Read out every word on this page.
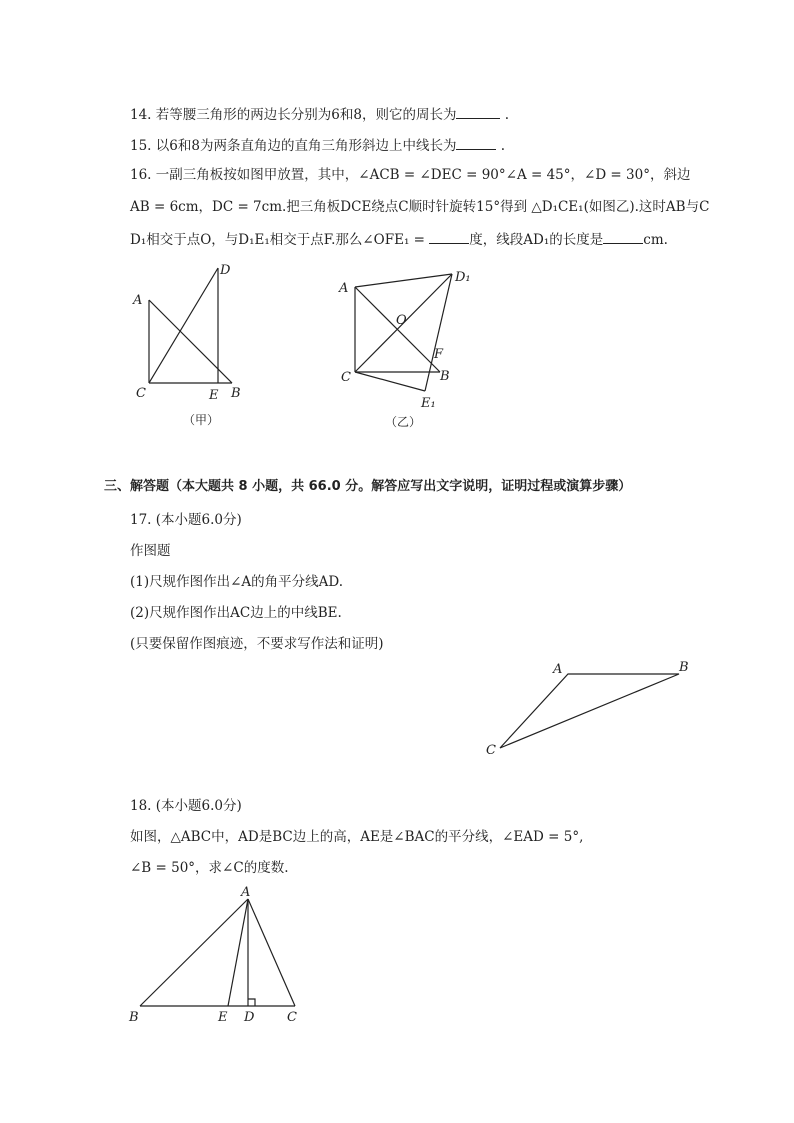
14. 若等腰三角形的两边长分别为6和8，则它的周长为	.
15. 以6和8为两条直角边的直角三角形斜边上中线长为	.
16. 一副三角板按如图甲放置，其中，∠ACB = ∠DEC = 90°∠A = 45°，∠D = 30°，斜边
AB = 6cm，DC = 7cm.把三角板DCE绕点C顺时针旋转15°得到 △D₁CE₁(如图乙).这时AB与C
D₁相交于点O，与D₁E₁相交于点F.那么∠OFE₁ =	度，线段AD₁的长度是	cm.
A
C
D
E B
（甲）
A
D₁
O
F
C	B
E₁
（乙）
三、解答题（本大题共 8 小题，共 66.0 分。解答应写出文字说明，证明过程或演算步骤）
17. (本小题6.0分)
作图题
(1)尺规作图作出∠A的角平分线AD.
(2)尺规作图作出AC边上的中线BE.
(只要保留作图痕迹，不要求写作法和证明)
A	B
C
18. (本小题6.0分)
如图，△ABC中，AD是BC边上的高，AE是∠BAC的平分线，∠EAD = 5°,
∠B = 50°，求∠C的度数.
A
B	E D	C
